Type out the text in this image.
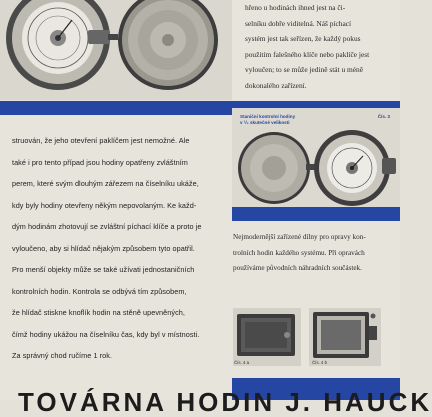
hřeno u hodinách ihned jest na či-

selníku dobře viditelná. Náš píchací

systém jest tak seřízen, že každý pokus

použitím falešného klíče nebo paklíče jest

vyloučen; to se může jedině stát u méně

dokonalého zařízení.

Staniční kontrolní hodiny
v ¹/₂ skutečné velikosti
Čís. 3

struován, že jeho otevření paklíčem jest nemožné. Ale

také i pro tento případ jsou hodiny opatřeny zvláštním

perem, které svým dlouhým zářezem na číselníku ukáže,

kdy byly hodiny otevřeny někým nepovolaným. Ke každ-

dým hodinám zhotovují se zvláštní píchací klíče a proto je

vyloučeno, aby si hlídač nějakým způsobem tyto opatřil.

Pro menší objekty může se také užívati jednostaničních

kontrolních hodin. Kontrola se odbývá tím způsobem,

že hlídač stiskne knoflík hodin na stěně upevněných,

čímž hodiny ukážou na číselníku čas, kdy byl v místnosti.

Za správný chod ručíme 1 rok.

Nejmodernější zařízené dílny pro opravy kon-

trolních hodin každého systému. Při opravách

používáme původních náhradních součástek.

Čís. 4 a	Čís. 4 b
TOVÁRNA HODIN J. HAUCK
